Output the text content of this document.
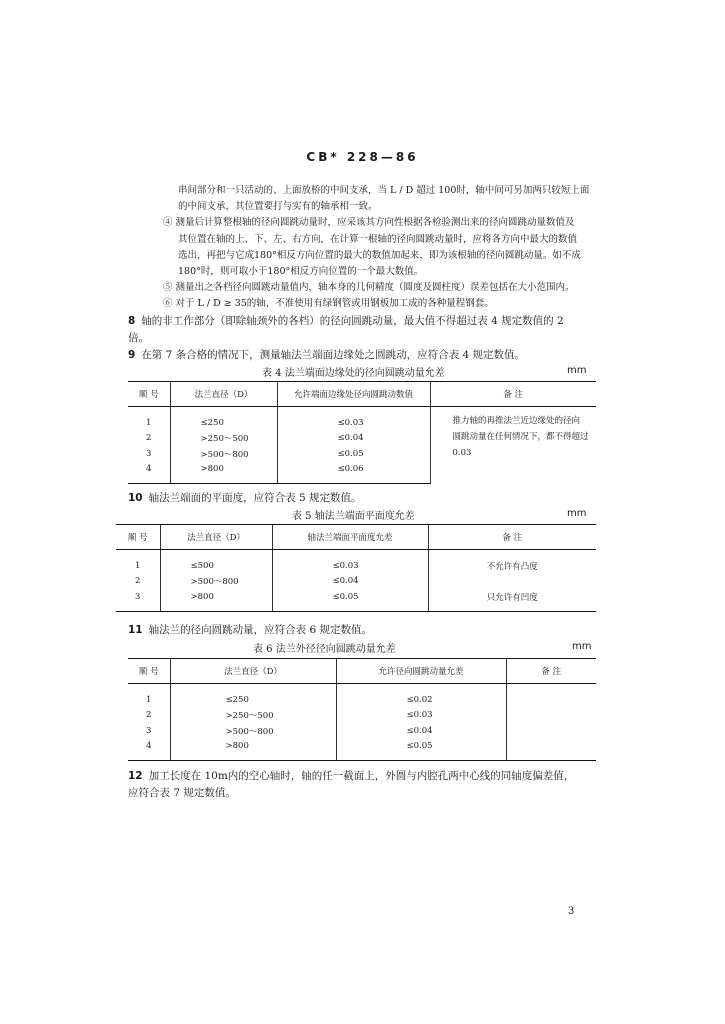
CB* 228—86
串间部分和一只活动的、上面放桥的中间支承，当 L / D 超过 100时，轴中间可另加两只较短上面
的中间支承，其位置要打与实有的轴承相一致。
④ 测量后计算整根轴的径向圆跳动量时，应采该其方向性根据各检验测出来的径向圆跳动量数值及
其位置在轴的上、下、左、右方向，在计算一根轴的径向圆跳动量时，应将各方向中最大的数值
选出，再把与它成180°相反方向位置的最大的数值加起来，即为该根轴的径向圆跳动量。如不成
180°时，则可取小于180°相反方向位置的一个最大数值。
⑤ 测量出之各档径向圆跳动量值内，轴本身的几何精度（圆度及圆柱度）误差包括在大小范围内。
⑥ 对于 L / D ≥ 35的轴，不准使用有绿钢管或用钢板加工成的各种量程钢套。
8 轴的非工作部分（即除轴颈外的各档）的径向圆跳动量，最大值不得超过表 4 规定数值的 2
倍。
9 在第 7 条合格的情况下，测量轴法兰端面边缘处之圆跳动，应符合表 4 规定数值。
表 4 法兰端面边缘处的径向圆跳动量允差	mm
顺 号	法兰直径（D）	允许端面边缘处径向圆跳动数值	备 注
1	≤250	≤0.03	推力轴的再推法兰近边缘处的径向
圆跳动量在任何情况下，都不得超过
0.03

2	>250～500	≤0.04	
3	>500～800	≤0.05	
4	>800	≤0.06	
10 轴法兰端面的平面度，应符合表 5 规定数值。
表 5 轴法兰端面平面度允差	mm
顺 号	法兰直径（D）	轴法兰端面平面度允差	备 注
1	≤500	≤0.03	不允许有凸度
2	>500～800	≤0.04	
3	>800	≤0.05	只允许有凹度
11 轴法兰的径向圆跳动量，应符合表 6 规定数值。
表 6 法兰外径径向圆跳动量允差	mm
顺 号	法兰直径（D）	允许径向圆跳动量允差	备 注
1	≤250	≤0.02	
2	>250～500	≤0.03	
3	>500～800	≤0.04	
4	>800	≤0.05	
12 加工长度在 10m内的空心轴时，轴的任一截面上，外圆与内腔孔两中心线的同轴度偏差值，
应符合表 7 规定数值。
3
